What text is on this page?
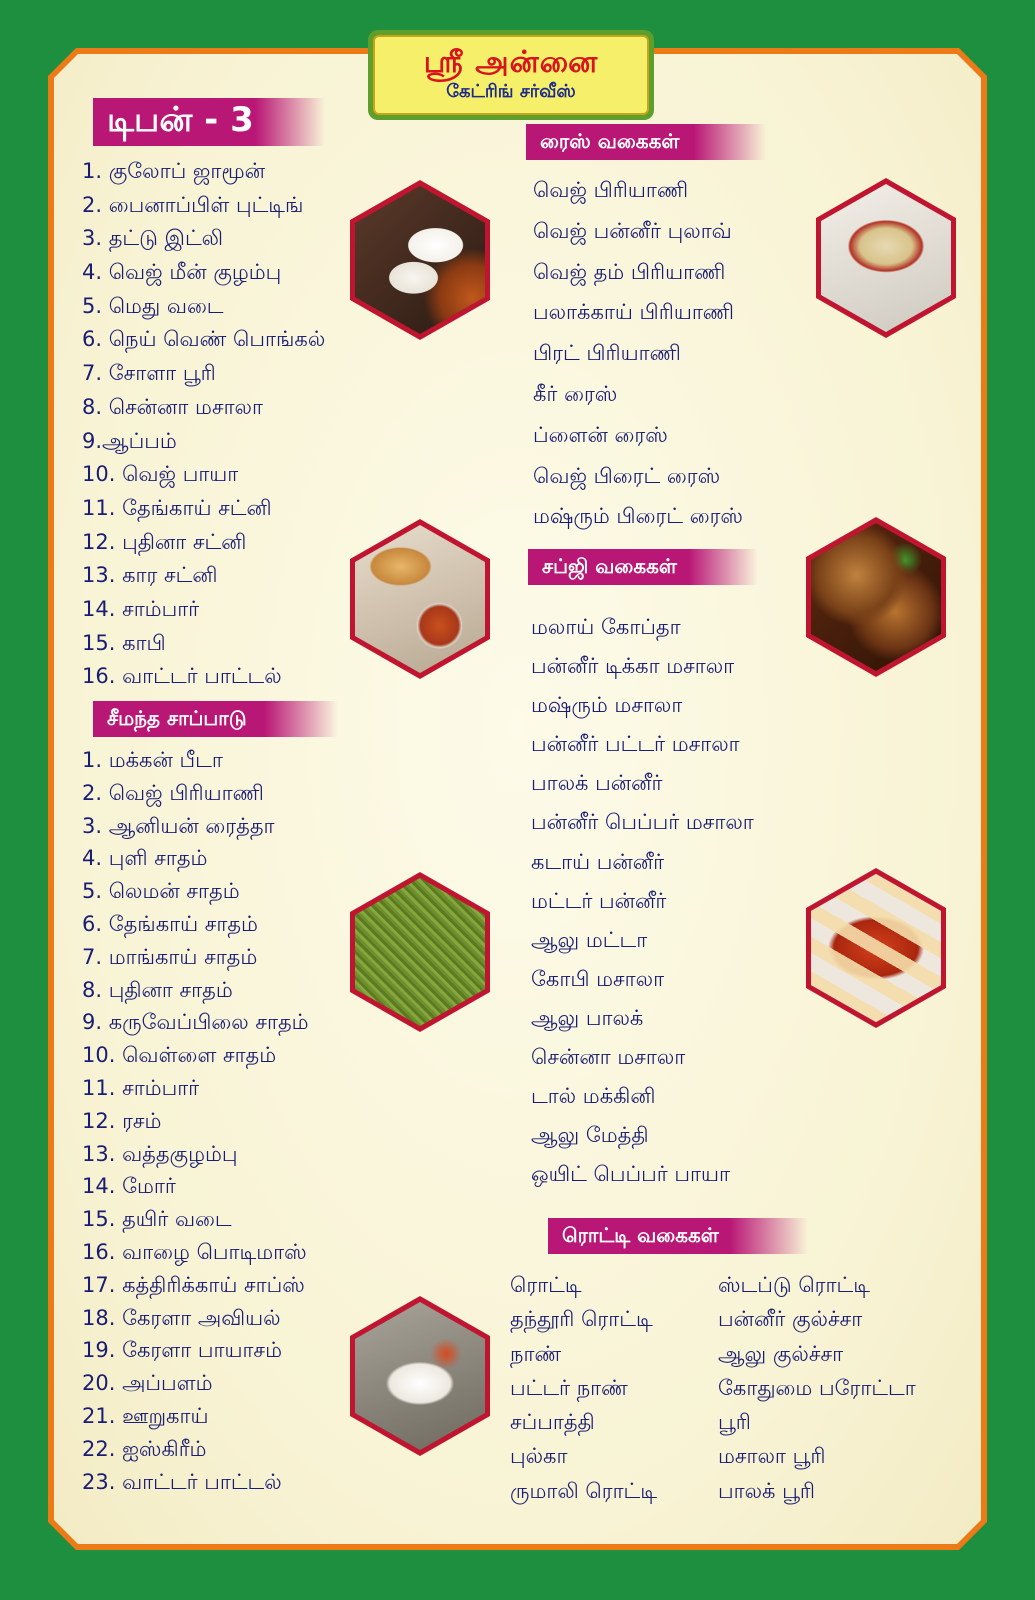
ஸ்ரீ அன்னை
கேட்ரிங் சர்வீஸ்
டிபன் - 3
1. குலோப் ஜாமூன்
2. பைனாப்பிள் புட்டிங்
3. தட்டு இட்லி
4. வெஜ் மீன் குழம்பு
5. மெது வடை
6. நெய் வெண் பொங்கல்
7. சோளா பூரி
8. சென்னா மசாலா
9.ஆப்பம்
10. வெஜ் பாயா
11. தேங்காய் சட்னி
12. புதினா சட்னி
13. கார சட்னி
14. சாம்பார்
15. காபி
16. வாட்டர் பாட்டல்
சீமந்த சாப்பாடு
1. மக்கன் பீடா
2. வெஜ் பிரியாணி
3. ஆனியன் ரைத்தா
4. புளி சாதம்
5. லெமன் சாதம்
6. தேங்காய் சாதம்
7. மாங்காய் சாதம்
8. புதினா சாதம்
9. கருவேப்பிலை சாதம்
10. வெள்ளை சாதம்
11. சாம்பார்
12. ரசம்
13. வத்தகுழம்பு
14. மோர்
15. தயிர் வடை
16. வாழை பொடிமாஸ்
17. கத்திரிக்காய் சாப்ஸ்
18. கேரளா அவியல்
19. கேரளா பாயாசம்
20. அப்பளம்
21. ஊறுகாய்
22. ஐஸ்கிரீம்
23. வாட்டர் பாட்டல்
ரைஸ் வகைகள்
வெஜ் பிரியாணி
வெஜ் பன்னீர் புலாவ்
வெஜ் தம் பிரியாணி
பலாக்காய் பிரியாணி
பிரட் பிரியாணி
கீர் ரைஸ்
ப்ளைன் ரைஸ்
வெஜ் பிரைட் ரைஸ்
மஷ்ரும் பிரைட் ரைஸ்
சப்ஜி வகைகள்
மலாய் கோப்தா
பன்னீர் டிக்கா மசாலா
மஷ்ரும் மசாலா
பன்னீர் பட்டர் மசாலா
பாலக் பன்னீர்
பன்னீர் பெப்பர் மசாலா
கடாய் பன்னீர்
மட்டர் பன்னீர்
ஆலு மட்டா
கோபி மசாலா
ஆலு பாலக்
சென்னா மசாலா
டால் மக்கினி
ஆலு மேத்தி
ஒயிட் பெப்பர் பாயா
ரொட்டி வகைகள்
ரொட்டி
தந்தூரி ரொட்டி
நாண்
பட்டர் நாண்
சப்பாத்தி
புல்கா
ருமாலி ரொட்டி
ஸ்டப்டு ரொட்டி
பன்னீர் குல்ச்சா
ஆலு குல்ச்சா
கோதுமை பரோட்டா
பூரி
மசாலா பூரி
பாலக் பூரி
